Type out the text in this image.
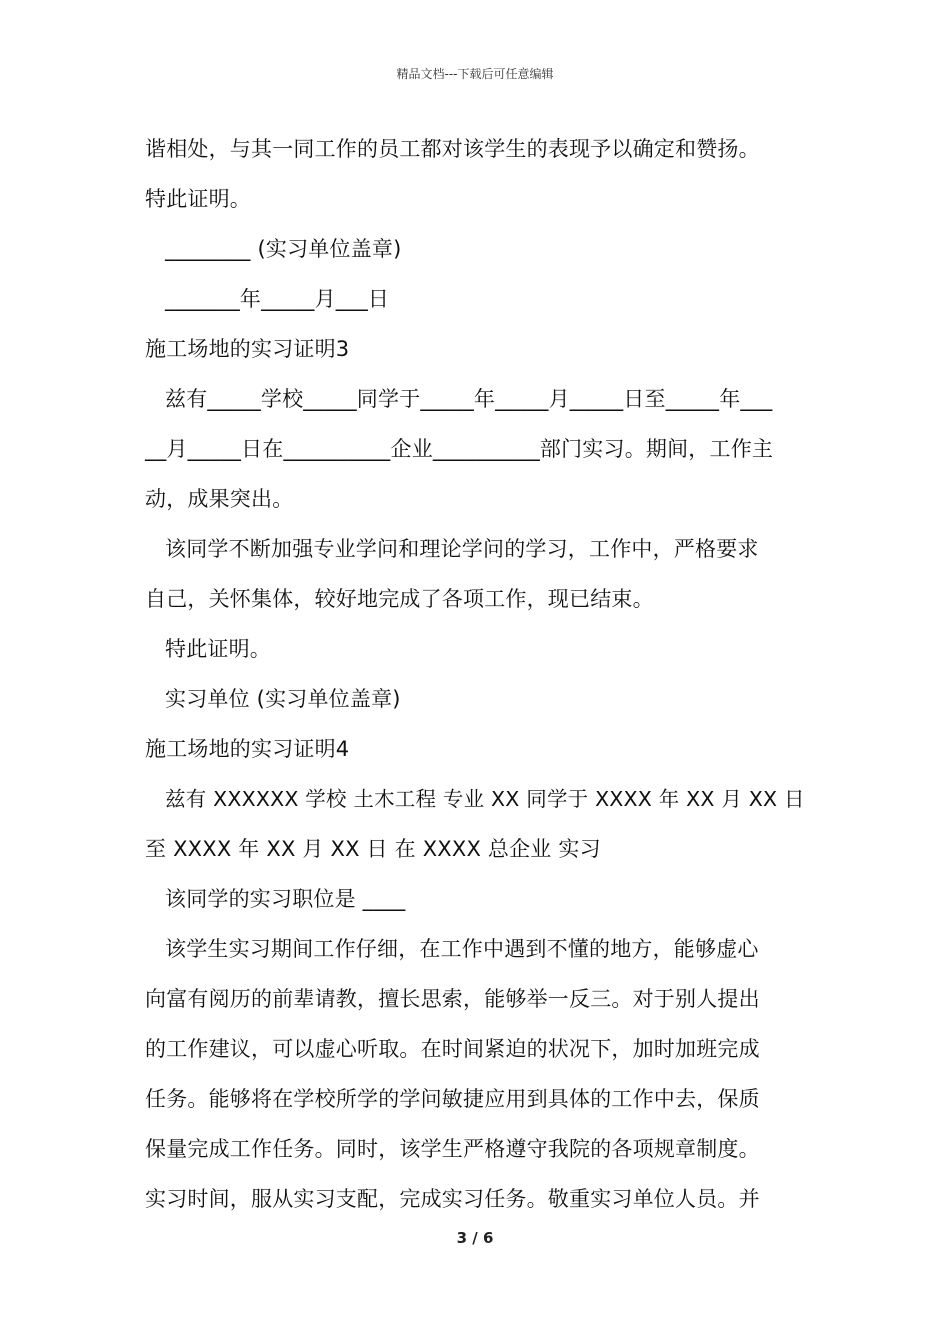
精品文档---下载后可任意编辑
谐相处，与其一同工作的员工都对该学生的表现予以确定和赞扬。
特此证明。
________ (实习单位盖章)
_______年_____月___日
施工场地的实习证明3
兹有_____学校_____同学于_____年_____月_____日至_____年___
__月_____日在__________企业__________部门实习。期间，工作主
动，成果突出。
该同学不断加强专业学问和理论学问的学习，工作中，严格要求
自己，关怀集体，较好地完成了各项工作，现已结束。
特此证明。
实习单位 (实习单位盖章)
施工场地的实习证明4
兹有 XXXXXX 学校 土木工程 专业 XX 同学于 XXXX 年 XX 月 XX 日
至 XXXX 年 XX 月 XX 日 在 XXXX 总企业 实习
该同学的实习职位是 ____
该学生实习期间工作仔细，在工作中遇到不懂的地方，能够虚心
向富有阅历的前辈请教，擅长思索，能够举一反三。对于别人提出
的工作建议，可以虚心听取。在时间紧迫的状况下，加时加班完成
任务。能够将在学校所学的学问敏捷应用到具体的工作中去，保质
保量完成工作任务。同时，该学生严格遵守我院的各项规章制度。
实习时间，服从实习支配，完成实习任务。敬重实习单位人员。并
3 / 6
